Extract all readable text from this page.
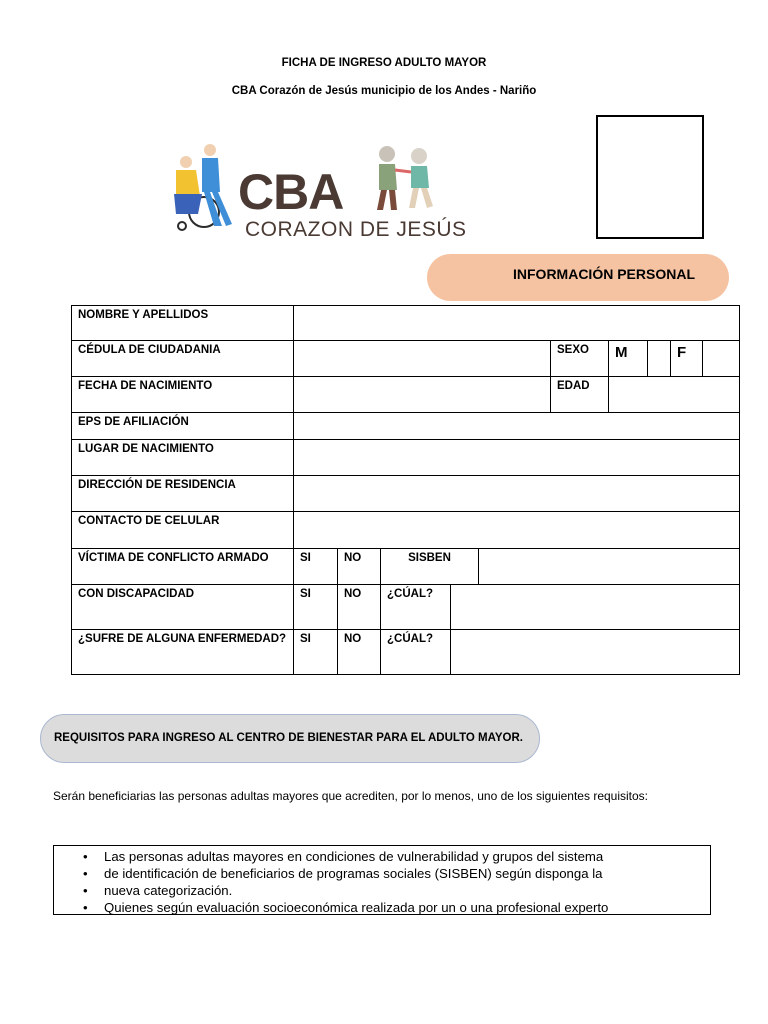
FICHA DE INGRESO ADULTO MAYOR
CBA Corazón de Jesús municipio de los Andes - Nariño
CBA
CORAZON DE JESÚS
INFORMACIÓN PERSONAL
NOMBRE Y APELLIDOS										
CÉDULA DE CIUDADANIA						SEXO	M		F	
FECHA DE NACIMIENTO						EDAD				
EPS DE AFILIACIÓN										
LUGAR DE NACIMIENTO										
DIRECCIÓN DE RESIDENCIA										
CONTACTO DE CELULAR										
VÍCTIMA DE CONFLICTO ARMADO	SI	NO	SISBEN							
CON DISCAPACIDAD	SI	NO	¿CÚAL?							
¿SUFRE DE ALGUNA ENFERMEDAD?	SI	NO	¿CÚAL?							
REQUISITOS PARA INGRESO AL CENTRO DE BIENESTAR PARA EL ADULTO MAYOR.
Serán beneficiarias las personas adultas mayores que acrediten, por lo menos, uno de los siguientes requisitos:
• Las personas adultas mayores en condiciones de vulnerabilidad y grupos del sistema
• de identificación de beneficiarios de programas sociales (SISBEN) según disponga la
• nueva categorización.
• Quienes según evaluación socioeconómica realizada por un o una profesional experto
